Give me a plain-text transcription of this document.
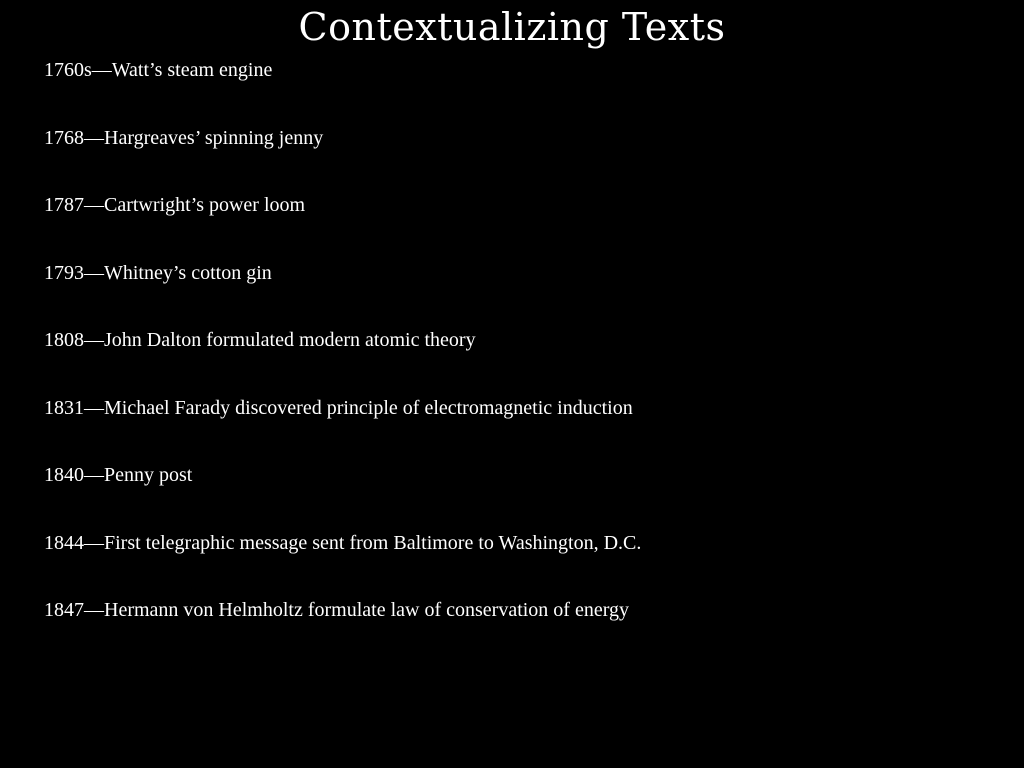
Contextualizing Texts
1760s—Watt’s steam engine
1768—Hargreaves’ spinning jenny
1787—Cartwright’s power loom
1793—Whitney’s cotton gin
1808—John Dalton formulated modern atomic theory
1831—Michael Farady discovered principle of electromagnetic induction
1840—Penny post
1844—First telegraphic message sent from Baltimore to Washington, D.C.
1847—Hermann von Helmholtz formulate law of conservation of energy
